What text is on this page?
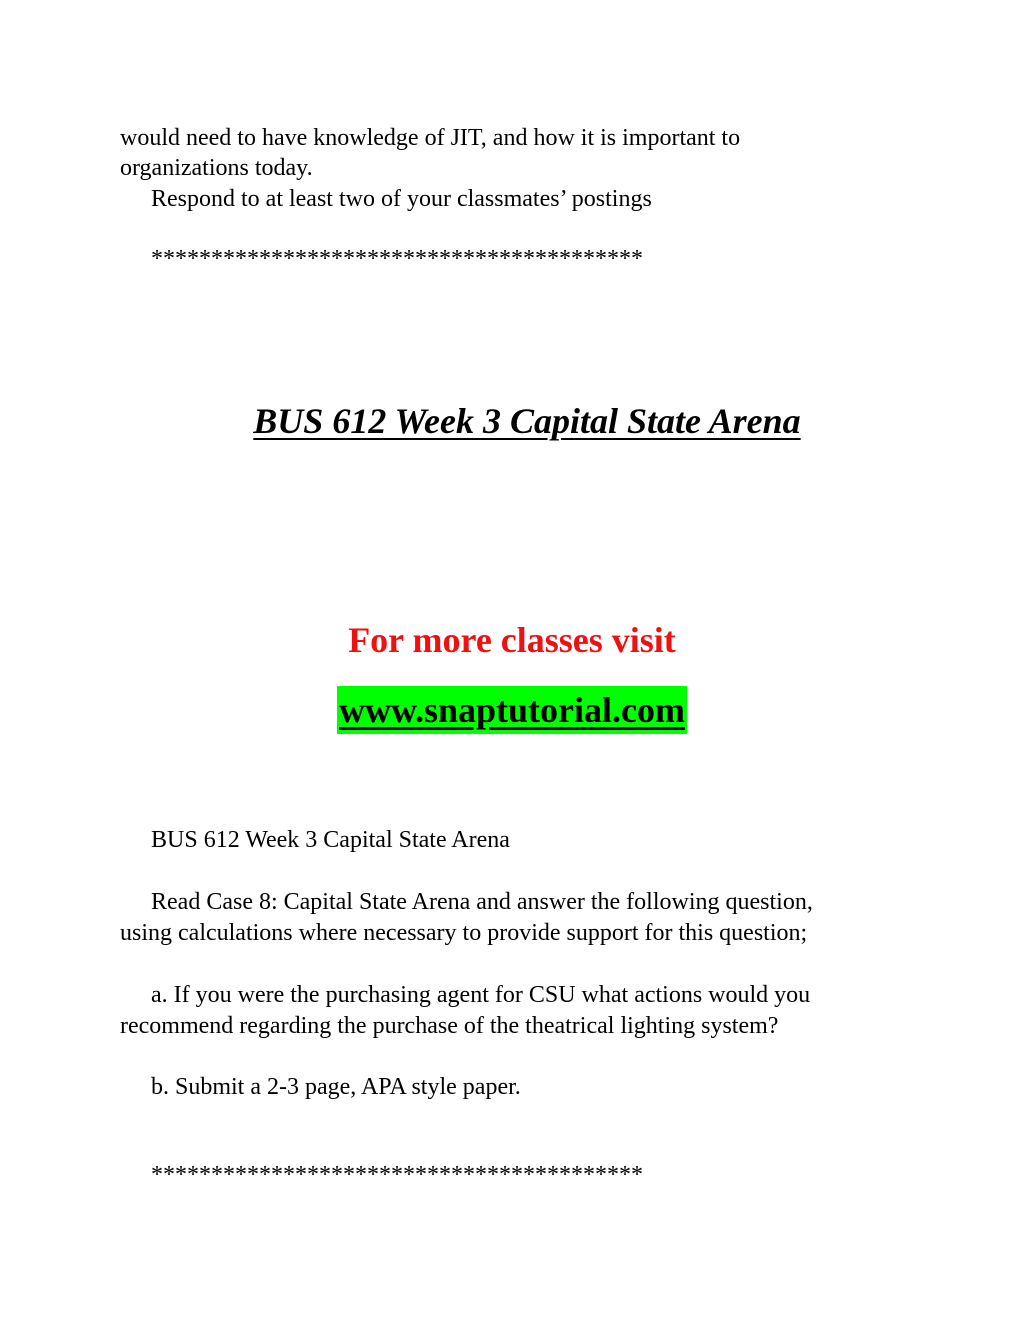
would need to have knowledge of JIT, and how it is important to
organizations today.
Respond to at least two of your classmates’ postings
*****************************************
BUS 612 Week 3 Capital State Arena
For more classes visit
www.snaptutorial.com
BUS 612 Week 3 Capital State Arena
Read Case 8: Capital State Arena and answer the following question,
using calculations where necessary to provide support for this question;
a. If you were the purchasing agent for CSU what actions would you
recommend regarding the purchase of the theatrical lighting system?
b. Submit a 2-3 page, APA style paper.
*****************************************
